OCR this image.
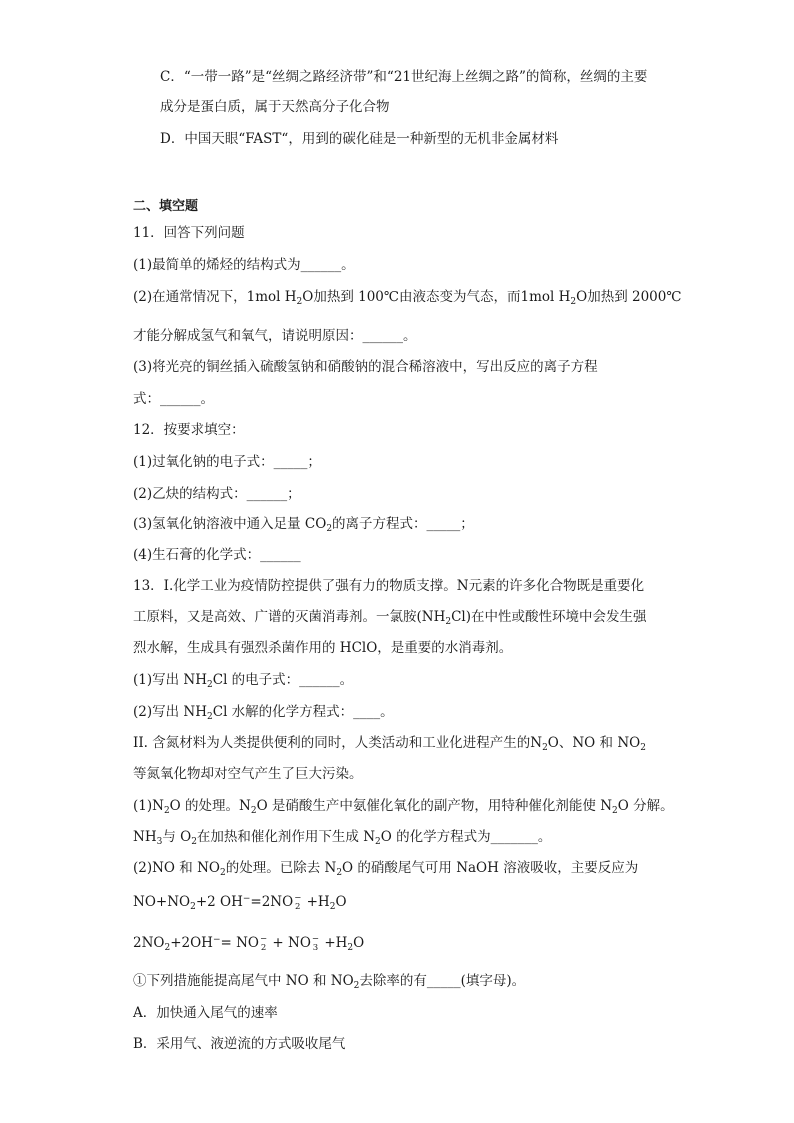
C．“一带一路”是“丝绸之路经济带”和“21世纪海上丝绸之路”的简称，丝绸的主要
成分是蛋白质，属于天然高分子化合物
D．中国天眼“FAST“，用到的碳化硅是一种新型的无机非金属材料
二、填空题
11．回答下列问题
(1)最简单的烯烃的结构式为______。
(2)在通常情况下，1mol $H_2O$加热到 100℃由液态变为气态，而1mol $H_2O$加热到 2000℃
才能分解成氢气和氧气，请说明原因：______。
(3)将光亮的铜丝插入硫酸氢钠和硝酸钠的混合稀溶液中，写出反应的离子方程
式：______。
12．按要求填空：
(1)过氧化钠的电子式：_____；
(2)乙炔的结构式：______；
(3)氢氧化钠溶液中通入足量 $CO_2$的离子方程式：_____；
(4)生石膏的化学式：______
13．I.化学工业为疫情防控提供了强有力的物质支撑。N元素的许多化合物既是重要化
工原料，又是高效、广谱的灭菌消毒剂。一氯胺$(NH_2Cl)$在中性或酸性环境中会发生强
烈水解，生成具有强烈杀菌作用的 HClO，是重要的水消毒剂。
(1)写出 $NH_2Cl$ 的电子式：______。
(2)写出 $NH_2Cl$ 水解的化学方程式：____。
II. 含氮材料为人类提供便利的同时，人类活动和工业化进程产生的$N_2O$、NO 和 $NO_2$
等氮氧化物却对空气产生了巨大污染。
$(1)N_2O$ 的处理。$N_2O$ 是硝酸生产中氨催化氧化的副产物，用特种催化剂能使 $N_2O$ 分解。
$NH_3$与 $O_2$在加热和催化剂作用下生成 $N_2O$ 的化学方程式为_______。
(2)NO 和 $NO_2$的处理。已除去 $N_2O$ 的硝酸尾气可用 NaOH 溶液吸收，主要反应为
$NO+NO_2+2$ OH−=2NO −
$2 +H_2O$
$2NO_2+2OH^-=$ NO −
2 + NO −
$3 +H_2O$
①下列措施能提高尾气中 NO 和 $NO_2$去除率的有_____(填字母)。
A．加快通入尾气的速率
B．采用气、液逆流的方式吸收尾气
